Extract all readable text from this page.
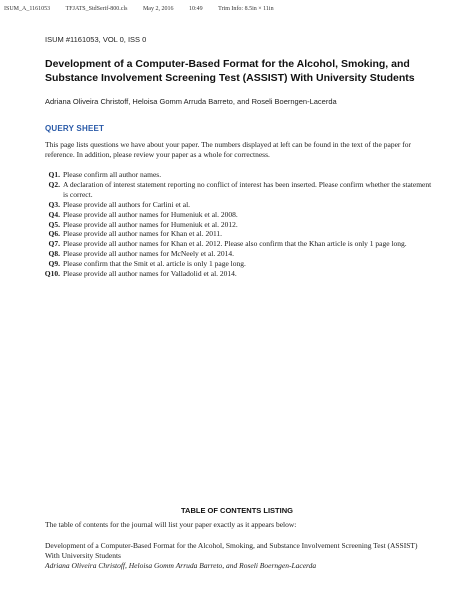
ISUM_A_1161053	TFJATS_StdSerif-800.cls	May 2, 2016	10:49	Trim Info: 8.5in × 11in
ISUM #1161053, VOL 0, ISS 0
Development of a Computer-Based Format for the Alcohol, Smoking, and Substance Involvement Screening Test (ASSIST) With University Students
Adriana Oliveira Christoff, Heloisa Gomm Arruda Barreto, and Roseli Boerngen-Lacerda
QUERY SHEET
This page lists questions we have about your paper. The numbers displayed at left can be found in the text of the paper for reference. In addition, please review your paper as a whole for correctness.
Q1. Please confirm all author names.
Q2. A declaration of interest statement reporting no conflict of interest has been inserted. Please confirm whether the statement is correct.
Q3. Please provide all authors for Carlini et al.
Q4. Please provide all author names for Humeniuk et al. 2008.
Q5. Please provide all author names for Humeniuk et al. 2012.
Q6. Please provide all author names for Khan et al. 2011.
Q7. Please provide all author names for Khan et al. 2012. Please also confirm that the Khan article is only 1 page long.
Q8. Please provide all author names for McNeely et al. 2014.
Q9. Please confirm that the Smit et al. article is only 1 page long.
Q10. Please provide all author names for Valladolid et al. 2014.
TABLE OF CONTENTS LISTING
The table of contents for the journal will list your paper exactly as it appears below:
Development of a Computer-Based Format for the Alcohol, Smoking, and Substance Involvement Screening Test (ASSIST) With University Students
Adriana Oliveira Christoff, Heloisa Gomm Arruda Barreto, and Roseli Boerngen-Lacerda
